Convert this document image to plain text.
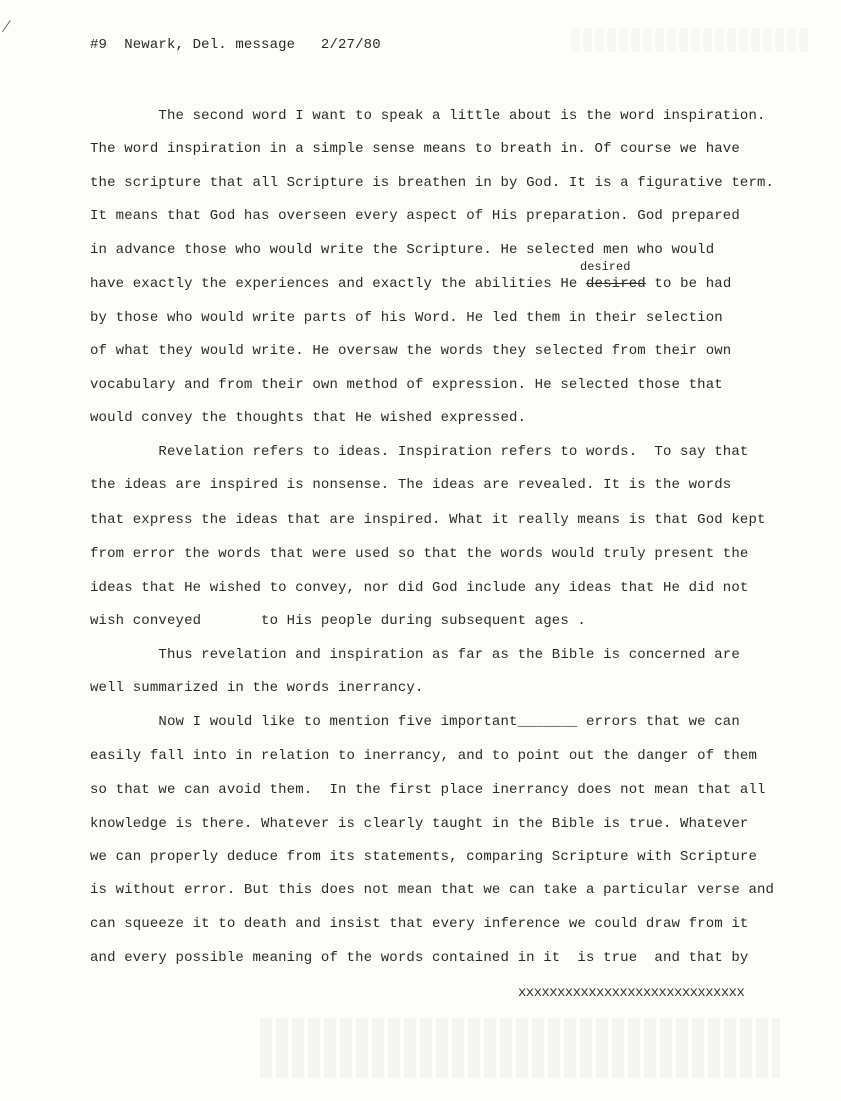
#9  Newark, Del. message   2/27/80
The second word I want to speak a little about is the word inspiration.
The word inspiration in a simple sense means to breath in. Of course we have
the scripture that all Scripture is breathen in by God. It is a figurative term.
It means that God has overseen every aspect of His preparation. God prepared
in advance those who would write the Scripture. He selected men who would
desired
have exactly the experiences and exactly the abilities He desired to be had
by those who would write parts of his Word. He led them in their selection
of what they would write. He oversaw the words they selected from their own
vocabulary and from their own method of expression. He selected those that
would convey the thoughts that He wished expressed.
Revelation refers to ideas. Inspiration refers to words.  To say that
the ideas are inspired is nonsense. The ideas are revealed. It is the words
that express the ideas that are inspired. What it really means is that God kept
from error the words that were used so that the words would truly present the
ideas that He wished to convey, nor did God include any ideas that He did not
wish conveyed       to His people during subsequent ages .
Thus revelation and inspiration as far as the Bible is concerned are
well summarized in the words inerrancy.
Now I would like to mention five important_______ errors that we can
easily fall into in relation to inerrancy, and to point out the danger of them
so that we can avoid them.  In the first place inerrancy does not mean that all
knowledge is there. Whatever is clearly taught in the Bible is true. Whatever
we can properly deduce from its statements, comparing Scripture with Scripture
is without error. But this does not mean that we can take a particular verse and
can squeeze it to death and insist that every inference we could draw from it
and every possible meaning of the words contained in it  is true  and that by
xxxxxxxxxxxxxxxxxxxxxxxxxxxxx
